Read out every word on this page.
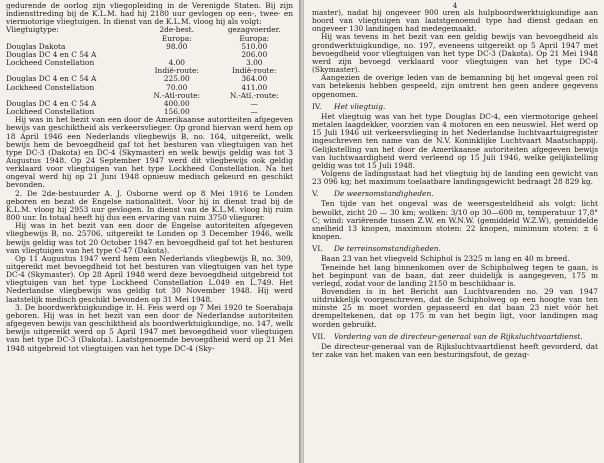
gedurende de oorlog zijn vliegopleiding in de Verenigde Staten. Bij zijn indiensttreding bij de K.L.M. had hij 2180 uur gevlogen op een-, twee- en viermotorige vliegtuigen. In dienst van de K.L.M. vloog hij als volgt:

Vliegtuigtype:	2de-best.	gezagvoerder.
	Europa:	Europa:
Douglas Dakota	98.00	510.00
Douglas DC 4 en C 54 A		206.00
Lockheed Constellation	4.00	3.00
	Indië-route:	Indië-route:
Douglas DC 4 en C 54 A	225.00	364.00
Lockheed Constellation	70.00	411.00
	N.-Atl-route:	N.-Atl.-route:
Douglas DC 4 en C 54 A	400.00	—
Lockheed Constellation	156.00	—

Hij was in het bezit van een door de Amerikaanse autoriteiten afgegeven bewijs van geschiktheid als verkeersvlieger. Op grond hiervan werd hem op 18 April 1946 een Nederlands vliegbewijs B, no. 164, uitgereikt, welk bewijs hem de bevoegdheid gaf tot het besturen van vliegtuigen van het type DC-3 (Dakota) en DC-4 (Skymaster) en welk bewijs geldig was tot 3 Augustus 1948. Op 24 September 1947 werd dit vliegbewijs ook geldig verklaard voor vliegtuigen van het type Lockheed Constellation. Na het ongeval werd hij op 21 Juni 1948 opnieuw medisch gekeurd en geschikt bevonden.

2. De 2de-bestuurder A. J. Osborne werd op 8 Mei 1916 te Londen geboren en bezat de Engelse nationaliteit. Voor hij in dienst trad bij de K.L.M. vloog hij 2953 uur gevlogen. In dienst van de K.L.M. vloog hij ruim 800 uur. In totaal heeft hij dus een ervaring van ruim 3750 vliegurer.

Hij was in het bezit van een door de Engelse autoriteiten afgegeven vliegbewijs B, no. 25706, uitgereikt te Londen op 3 December 1946, welk bewijs geldig was tot 20 October 1947 en bevoegdheid gaf tot het besturen van vliegtuigen van het type C-47 (Dakota).

Op 11 Augustus 1947 werd hem een Nederlands vliegbewijs B, no. 309, uitgereikt met bevoegdheid tot het besturen van vliegtuigen van het type DC-4 (Skymaster). Op 28 April 1948 werd deze bevoegdheid uitgebreid tot vliegtuigen van het type Lockheed Constellation L.049 en L.749. Het Nederlandse vliegbewijs was geldig tot 30 November 1948. Hij werd laatstelijk medisch geschikt bevonden op 31 Mei 1948.

3. De boordwerktuigkundige ir. H. Feis werd op 7 Mei 1920 te Soerabaja geboren. Hij was in het bezit van een door de Nederlandse autoriteiten afgegeven bewijs van geschiktheid als boordwerktuigkundige, no. 147, welk bewijs uitgereikt werd op 5 April 1947 met bevoegdheid voor vliegtuigen van het type DC-3 (Dakota). Laatstgenoemde bevoegdheid werd op 21 Mei 1948 uitgebreid tot vliegtuigen van het type DC-4 (Sky-

4

master), nadat hij ongeveer 900 uren als hulpboordwerktuigkundige aan boord van vliegtuigen van laatstgenoemd type had dienst gedaan en ongeveer 130 landingen had medegemaakt.

Hij was tevens in het bezit van een geldig bewijs van bevoegdheid als grondwerktuigkundige, no. 197, eveneens uitgereikt op 5 April 1947 met bevoegdheid voor vliegtuigen van het type DC-3 (Dakota). Op 21 Mei 1948 werd zijn bevoegd verklaard voor vliegtuigen van het type DC-4 (Skymaster).

Aangezien de overige leden van de bemanning bij het ongeval geen rol van betekenis hebben gespeeld, zijn omtrent hen geen andere gegevens opgenomen.

IV. Het vliegtuig.

Het vliegtuig was van het type Douglas DC-4, een viermotorige geheel metalen laagdekker, voorzien van 4 motoren en een neuswiel. Het werd op 15 Juli 1946 uit verkeersvlieging in het Nederlandse luchtvaartuigregister ingeschreven ten name van de N.V. Koninklijke Luchtvaart Maatschappij. Gelijkstelling van het door de Amerikaanse autoriteiten afgegeven bewijs van luchtwaardigheid werd verleend op 15 Juli 1946, welke gelijkstelling geldig was tot 15 Juli 1948.

Volgens de ladingsstaat had het vliegtuig bij de landing een gewicht van 23 096 kg; het maximum toelaatbare landingsgewicht bedraagt 28 829 kg.

V. De weersomstandigheden.

Ten tijde van het ongeval was de weersgesteldheid als volgt: licht bewolkt, zicht 20 — 30 km; wolken: 3/10 op 30—600 m, temperatuur 17,8° C; wind: variërende tussen Z.W. en W.N.W. (gemiddeld W.Z.W), gemiddelde snelheid 13 knopen, maximum stoten: 22 knopen, minimum stoten: ± 6 knopen.

VI. De terreinsomstandigheden.

Baan 23 van het vliegveld Schiphol is 2325 m lang en 40 m breed.

Teneinde het lang binnenkomen over de Schipholweg tegen te gaan, is het beginpunt van de baan, dat zeer duidelijk is aangegeven, 175 m verlegd, zodat voor de landing 2150 m beschikbaar is.

Bovendien is in het Bericht aan Luchtvarenden no. 29 van 1947 uitdrukkelijk voorgeschreven, dat de Schipholweg op een hoogte van ten minste 25 m moet worden gepasseerd en dat baan 23 niet vóór het drempeltekenen, dat op 175 m van het begin ligt, voor landingen mag worden gebruikt.

VII.	Vordering van de directeur-generaal van de Rijksluchtvaartdienst.

De directeur-generaal van de Rijksluchtvaartdienst heeft gevorderd, dat ter zake van het maken van een besturingsfout, de gezag-
